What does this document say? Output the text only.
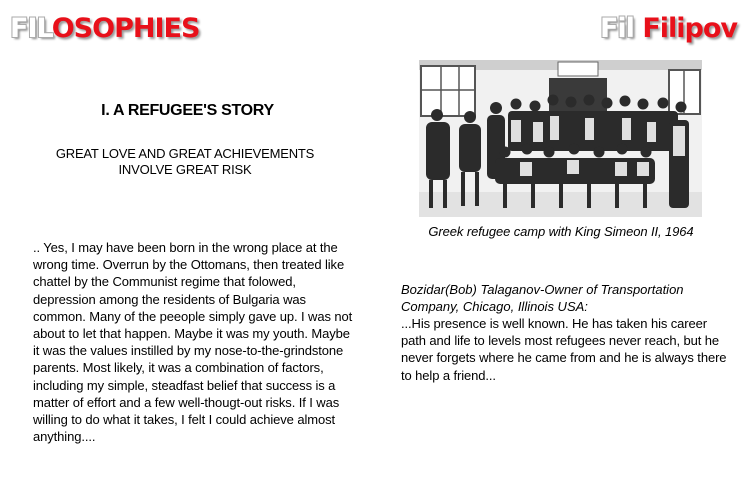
FILOSOPHIES	Fil Filipov
I. A REFUGEE'S STORY
GREAT LOVE AND GREAT ACHIEVEMENTS
INVOLVE GREAT RISK
.. Yes, I may have been born in the wrong place at the wrong time. Overrun by the Ottomans, then treated like chattel by the Communist regime that folowed, depression among the residents of Bulgaria was common. Many of the peeople simply gave up. I was not about to let that happen. Maybe it was my youth. Maybe it was the values instilled by my nose-to-the-grindstone parents. Most likely, it was a combination of factors, including my simple, steadfast belief that success is a matter of effort and a few well-thougt-out risks. If I was willing to do what it takes, I felt I could achieve almost anything....
Greek refugee camp with King Simeon II, 1964
Bozidar(Bob) Talaganov-Owner of Transportation Company, Chicago, Illinois USA:
...His presence is well known. He has taken his career path and life to levels most refugees never reach, but he never forgets where he came from and he is always there to help a friend...
